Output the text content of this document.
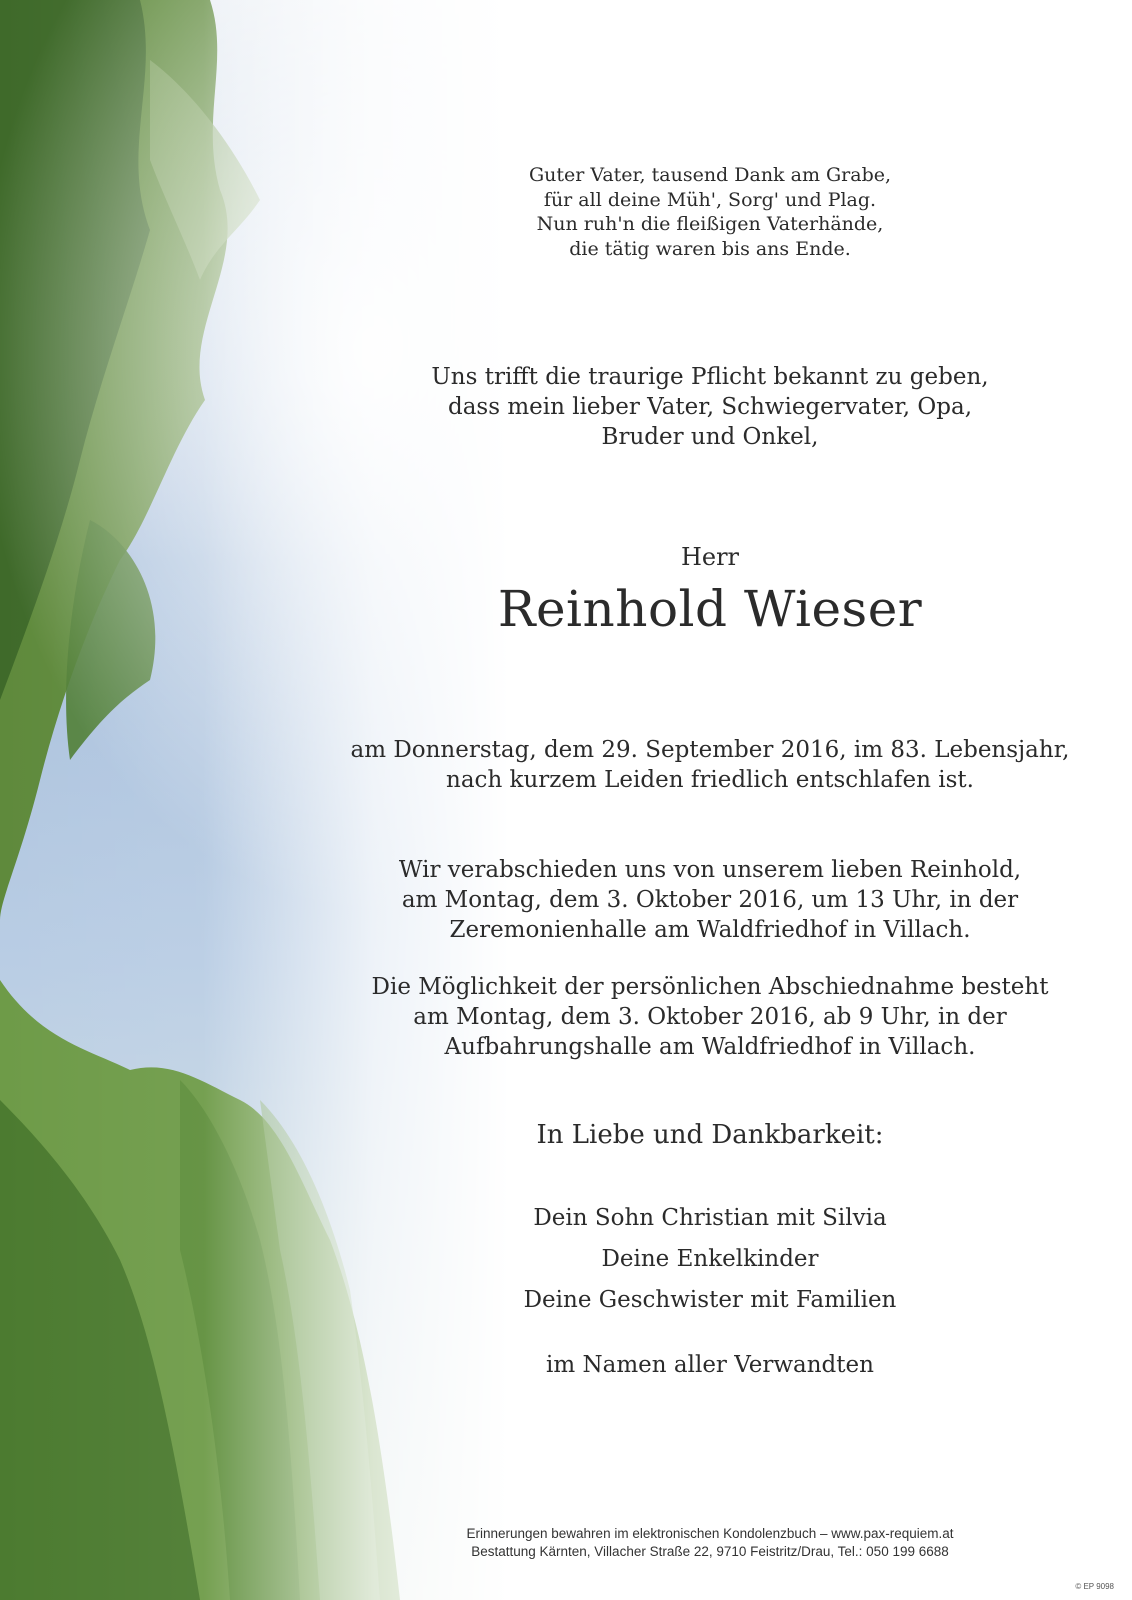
Guter Vater, tausend Dank am Grabe,
für all deine Müh', Sorg' und Plag.
Nun ruh'n die fleißigen Vaterhände,
die tätig waren bis ans Ende.
Uns trifft die traurige Pflicht bekannt zu geben,
dass mein lieber Vater, Schwiegervater, Opa,
Bruder und Onkel,
Herr
Reinhold Wieser
am Donnerstag, dem 29. September 2016, im 83. Lebensjahr,
nach kurzem Leiden friedlich entschlafen ist.
Wir verabschieden uns von unserem lieben Reinhold,
am Montag, dem 3. Oktober 2016, um 13 Uhr, in der
Zeremonienhalle am Waldfriedhof in Villach.
Die Möglichkeit der persönlichen Abschiednahme besteht
am Montag, dem 3. Oktober 2016, ab 9 Uhr, in der
Aufbahrungshalle am Waldfriedhof in Villach.
In Liebe und Dankbarkeit:
Dein Sohn Christian mit Silvia
Deine Enkelkinder
Deine Geschwister mit Familien
im Namen aller Verwandten
Erinnerungen bewahren im elektronischen Kondolenzbuch – www.pax-requiem.at
Bestattung Kärnten, Villacher Straße 22, 9710 Feistritz/Drau, Tel.: 050 199 6688
© EP 9098
